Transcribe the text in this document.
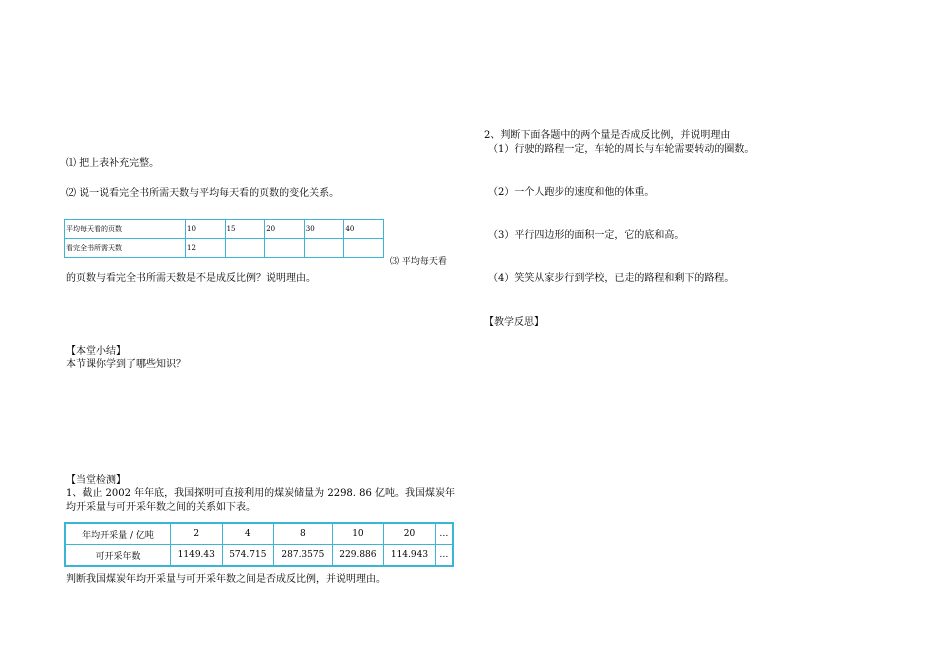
⑴ 把上表补充完整。
⑵ 说一说看完全书所需天数与平均每天看的页数的变化关系。
平均每天看的页数	10	15	20	30	40
看完全书所需天数	12				
⑶ 平均每天看
的页数与看完全书所需天数是不是成反比例？说明理由。
【本堂小结】
本节课你学到了哪些知识？
【当堂检测】
1、截止 2002 年年底，我国探明可直接利用的煤炭储量为 2298. 86 亿吨。我国煤炭年
均开采量与可开采年数之间的关系如下表。
年均开采量 / 亿吨	2	4	8	10	20	…
可开采年数	1149.43	574.715	287.3575	229.886	114.943	…
判断我国煤炭年均开采量与可开采年数之间是否成反比例，并说明理由。
2、判断下面各题中的两个量是否成反比例，并说明理由
（1）行驶的路程一定，车轮的周长与车轮需要转动的圈数。
（2）一个人跑步的速度和他的体重。
（3）平行四边形的面积一定，它的底和高。
（4）笑笑从家步行到学校，已走的路程和剩下的路程。
【教学反思】
